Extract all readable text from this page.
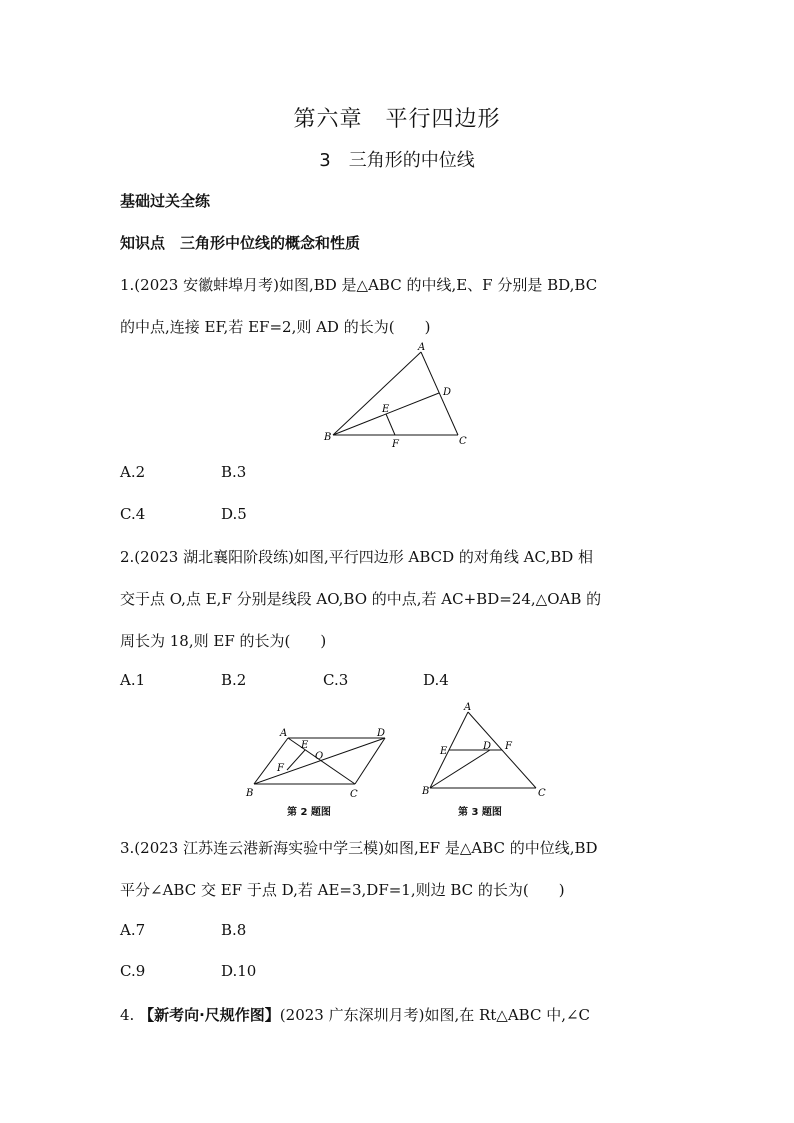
第六章　平行四边形
3　三角形的中位线
基础过关全练
知识点　三角形中位线的概念和性质
1.(2023 安徽蚌埠月考)如图,BD 是△ABC 的中线,E、F 分别是 BD,BC
的中点,连接 EF,若 EF=2,则 AD 的长为(　　)
A
B	C
D
E
F
A.2	B.3
C.4	D.5
2.(2023 湖北襄阳阶段练)如图,平行四边形 ABCD 的对角线 AC,BD 相
交于点 O,点 E,F 分别是线段 AO,BO 的中点,若 AC+BD=24,△OAB 的
周长为 18,则 EF 的长为(　　)
A.1	B.2	C.3	D.4
A
B	C
D
E
F
O
第 2 题图
A
B	C
D
E	F
第 3 题图
3.(2023 江苏连云港新海实验中学三模)如图,EF 是△ABC 的中位线,BD
平分∠ABC 交 EF 于点 D,若 AE=3,DF=1,则边 BC 的长为(　　)
A.7	B.8
C.9	D.10
4. 【新考向·尺规作图】(2023 广东深圳月考)如图,在 Rt△ABC 中,∠C
